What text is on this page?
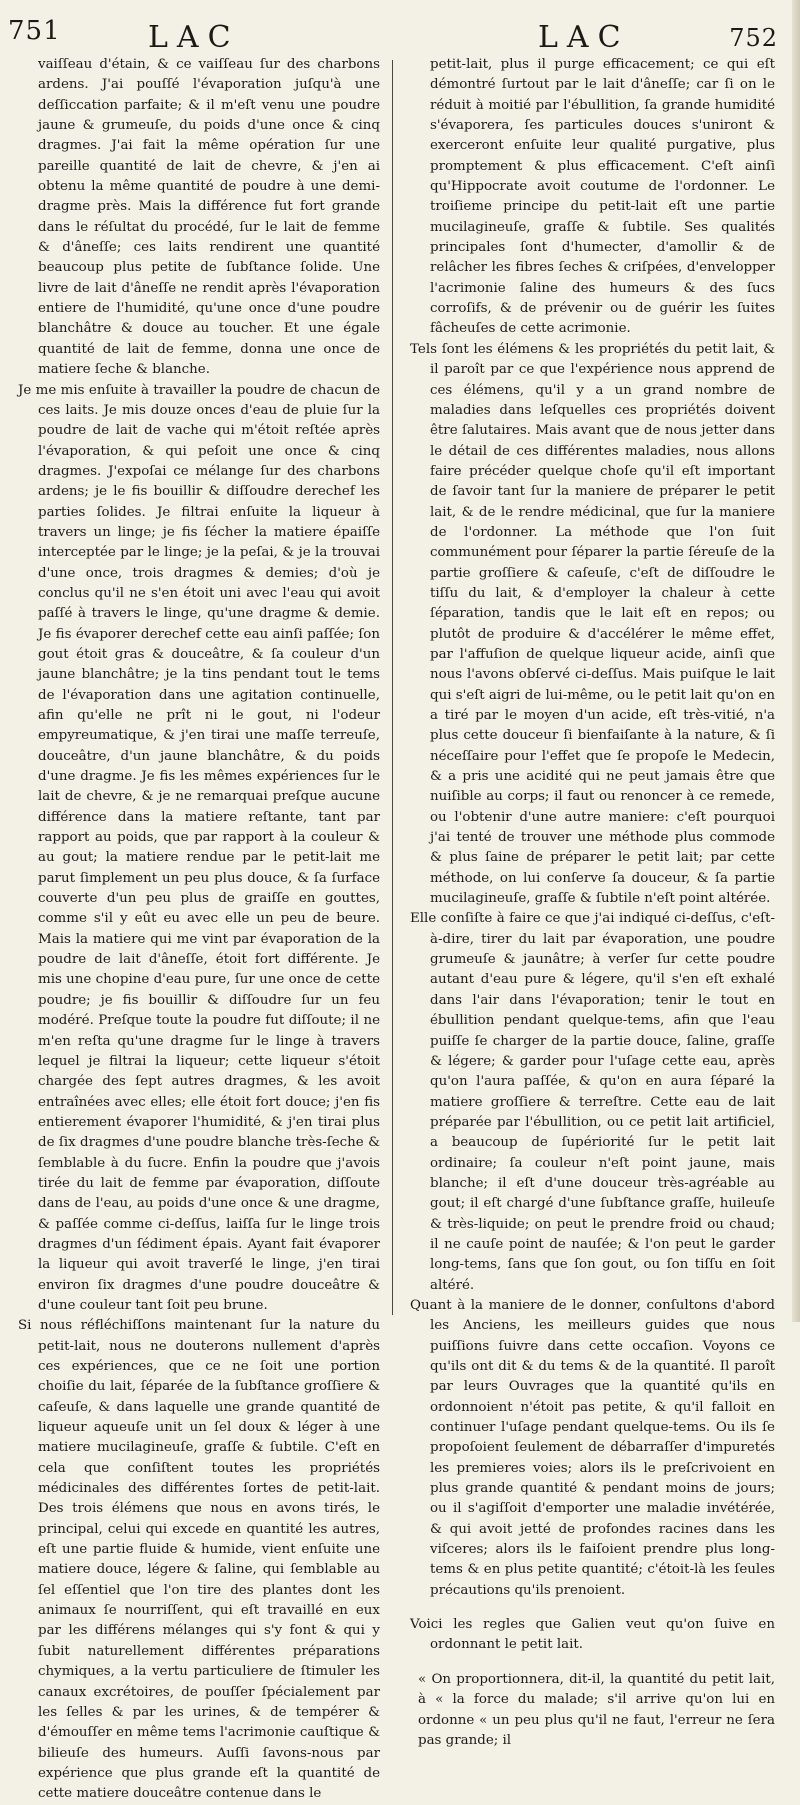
751	LAC	LAC	752

vaiſſeau d'étain, & ce vaiſſeau ſur des charbons ardens. J'ai pouſſé l'évaporation juſqu'à une deſſiccation parfaite; & il m'eſt venu une poudre jaune & grumeuſe, du poids d'une once & cinq dragmes. J'ai fait la même opération ſur une pareille quantité de lait de chevre, & j'en ai obtenu la même quantité de poudre à une demi-dragme près. Mais la différence fut fort grande dans le réſultat du procédé, ſur le lait de femme & d'âneſſe; ces laits rendirent une quantité beaucoup plus petite de ſubſtance ſolide. Une livre de lait d'âneſſe ne rendit après l'évaporation entiere de l'humidité, qu'une once d'une poudre blanchâtre & douce au toucher. Et une égale quantité de lait de femme, donna une once de matiere ſeche & blanche.

Je me mis enſuite à travailler la poudre de chacun de ces laits. Je mis douze onces d'eau de pluie ſur la poudre de lait de vache qui m'étoit reſtée après l'évaporation, & qui peſoit une once & cinq dragmes. J'expoſai ce mélange ſur des charbons ardens; je le fis bouillir & diſſoudre derechef les parties ſolides. Je filtrai enſuite la liqueur à travers un linge; je fis ſécher la matiere épaiſſe interceptée par le linge; je la peſai, & je la trouvai d'une once, trois dragmes & demies; d'où je conclus qu'il ne s'en étoit uni avec l'eau qui avoit paſſé à travers le linge, qu'une dragme & demie. Je fis évaporer derechef cette eau ainſi paſſée; ſon gout étoit gras & douceâtre, & ſa couleur d'un jaune blanchâtre; je la tins pendant tout le tems de l'évaporation dans une agitation continuelle, afin qu'elle ne prît ni le gout, ni l'odeur empyreumatique, & j'en tirai une maſſe terreuſe, douceâtre, d'un jaune blanchâtre, & du poids d'une dragme. Je fis les mêmes expériences ſur le lait de chevre, & je ne remarquai preſque aucune différence dans la matiere reſtante, tant par rapport au poids, que par rapport à la couleur & au gout; la matiere rendue par le petit-lait me parut ſimplement un peu plus douce, & ſa ſurface couverte d'un peu plus de graiſſe en gouttes, comme s'il y eût eu avec elle un peu de beure. Mais la matiere qui me vint par évaporation de la poudre de lait d'âneſſe, étoit fort différente. Je mis une chopine d'eau pure, ſur une once de cette poudre; je fis bouillir & diſſoudre ſur un feu modéré. Preſque toute la poudre fut diſſoute; il ne m'en reſta qu'une dragme ſur le linge à travers lequel je filtrai la liqueur; cette liqueur s'étoit chargée des ſept autres dragmes, & les avoit entraînées avec elles; elle étoit fort douce; j'en fis entierement évaporer l'humidité, & j'en tirai plus de ſix dragmes d'une poudre blanche très-ſeche & ſemblable à du ſucre. Enfin la poudre que j'avois tirée du lait de femme par évaporation, diſſoute dans de l'eau, au poids d'une once & une dragme, & paſſée comme ci-deſſus, laiſſa ſur le linge trois dragmes d'un ſédiment épais. Ayant fait évaporer la liqueur qui avoit traverſé le linge, j'en tirai environ ſix dragmes d'une poudre douceâtre & d'une couleur tant ſoit peu brune.

Si nous réfléchiſſons maintenant ſur la nature du petit-lait, nous ne douterons nullement d'après ces expériences, que ce ne ſoit une portion choiſie du lait, ſéparée de la ſubſtance groſſiere & caſeuſe, & dans laquelle une grande quantité de liqueur aqueuſe unit un ſel doux & léger à une matiere mucilagineuſe, graſſe & ſubtile. C'eſt en cela que conſiſtent toutes les propriétés médicinales des différentes ſortes de petit-lait. Des trois élémens que nous en avons tirés, le principal, celui qui excede en quantité les autres, eſt une partie fluide & humide, vient enſuite une matiere douce, légere & ſaline, qui ſemblable au ſel eſſentiel que l'on tire des plantes dont les animaux ſe nourriſſent, qui eſt travaillé en eux par les différens mélanges qui s'y font & qui y ſubit naturellement différentes préparations chymiques, a la vertu particuliere de ſtimuler les canaux excrétoires, de pouſſer ſpécialement par les ſelles & par les urines, & de tempérer & d'émouſſer en même tems l'acrimonie cauſtique & bilieuſe des humeurs. Auſſi ſavons-nous par expérience que plus grande eſt la quantité de cette matiere douceâtre contenue dans le

petit-lait, plus il purge efficacement; ce qui eſt démontré ſurtout par le lait d'âneſſe; car ſi on le réduit à moitié par l'ébullition, ſa grande humidité s'évaporera, ſes particules douces s'uniront & exerceront enſuite leur qualité purgative, plus promptement & plus efficacement. C'eſt ainſi qu'Hippocrate avoit coutume de l'ordonner. Le troiſieme principe du petit-lait eſt une partie mucilagineuſe, graſſe & ſubtile. Ses qualités principales ſont d'humecter, d'amollir & de relâcher les fibres ſeches & criſpées, d'envelopper l'acrimonie ſaline des humeurs & des ſucs corroſifs, & de prévenir ou de guérir les ſuites fâcheuſes de cette acrimonie.

Tels ſont les élémens & les propriétés du petit lait, & il paroît par ce que l'expérience nous apprend de ces élémens, qu'il y a un grand nombre de maladies dans leſquelles ces propriétés doivent être ſalutaires. Mais avant que de nous jetter dans le détail de ces différentes maladies, nous allons faire précéder quelque choſe qu'il eſt important de ſavoir tant ſur la maniere de préparer le petit lait, & de le rendre médicinal, que ſur la maniere de l'ordonner. La méthode que l'on ſuit communément pour ſéparer la partie ſéreuſe de la partie groſſiere & caſeuſe, c'eſt de diſſoudre le tiſſu du lait, & d'employer la chaleur à cette ſéparation, tandis que le lait eſt en repos; ou plutôt de produire & d'accélérer le même effet, par l'affuſion de quelque liqueur acide, ainſi que nous l'avons obſervé ci-deſſus. Mais puiſque le lait qui s'eſt aigri de lui-même, ou le petit lait qu'on en a tiré par le moyen d'un acide, eſt très-vitié, n'a plus cette douceur ſi bienfaiſante à la nature, & ſi néceſſaire pour l'effet que ſe propoſe le Medecin, & a pris une acidité qui ne peut jamais être que nuiſible au corps; il faut ou renoncer à ce remede, ou l'obtenir d'une autre maniere: c'eſt pourquoi j'ai tenté de trouver une méthode plus commode & plus ſaine de préparer le petit lait; par cette méthode, on lui conſerve ſa douceur, & ſa partie mucilagineuſe, graſſe & ſubtile n'eſt point altérée.

Elle conſiſte à faire ce que j'ai indiqué ci-deſſus, c'eſt-à-dire, tirer du lait par évaporation, une poudre grumeuſe & jaunâtre; à verſer ſur cette poudre autant d'eau pure & légere, qu'il s'en eſt exhalé dans l'air dans l'évaporation; tenir le tout en ébullition pendant quelque-tems, afin que l'eau puiſſe ſe charger de la partie douce, ſaline, graſſe & légere; & garder pour l'uſage cette eau, après qu'on l'aura paſſée, & qu'on en aura ſéparé la matiere groſſiere & terreſtre. Cette eau de lait préparée par l'ébullition, ou ce petit lait artificiel, a beaucoup de ſupériorité ſur le petit lait ordinaire; ſa couleur n'eſt point jaune, mais blanche; il eſt d'une douceur très-agréable au gout; il eſt chargé d'une ſubſtance graſſe, huileuſe & très-liquide; on peut le prendre froid ou chaud; il ne cauſe point de nauſée; & l'on peut le garder long-tems, ſans que ſon gout, ou ſon tiſſu en ſoit altéré.

Quant à la maniere de le donner, conſultons d'abord les Anciens, les meilleurs guides que nous puiſſions ſuivre dans cette occaſion. Voyons ce qu'ils ont dit & du tems & de la quantité. Il paroît par leurs Ouvrages que la quantité qu'ils en ordonnoient n'étoit pas petite, & qu'il falloit en continuer l'uſage pendant quelque-tems. Ou ils ſe propoſoient ſeulement de débarraſſer d'impuretés les premieres voies; alors ils le preſcrivoient en plus grande quantité & pendant moins de jours; ou il s'agiſſoit d'emporter une maladie invétérée, & qui avoit jetté de profondes racines dans les viſceres; alors ils le faiſoient prendre plus long-tems & en plus petite quantité; c'étoit-là les ſeules précautions qu'ils prenoient.

Voici les regles que Galien veut qu'on ſuive en ordonnant le petit lait.

« On proportionnera, dit-il, la quantité du petit lait, à « la force du malade; s'il arrive qu'on lui en ordonne « un peu plus qu'il ne faut, l'erreur ne ſera pas grande; il
